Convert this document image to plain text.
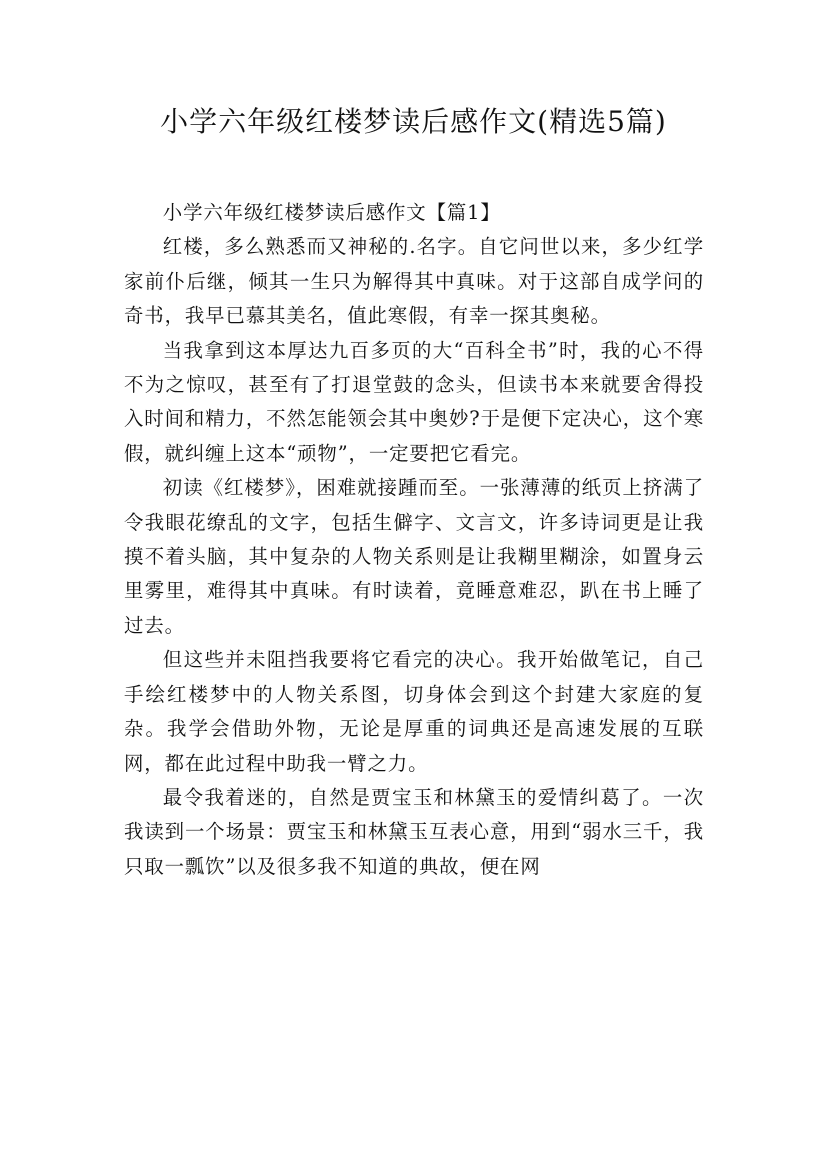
小学六年级红楼梦读后感作文(精选5篇)

小学六年级红楼梦读后感作文【篇1】

红楼，多么熟悉而又神秘的.名字。自它问世以来，多少红学家前仆后继，倾其一生只为解得其中真味。对于这部自成学问的奇书，我早已慕其美名，值此寒假，有幸一探其奥秘。

当我拿到这本厚达九百多页的大“百科全书”时，我的心不得不为之惊叹，甚至有了打退堂鼓的念头，但读书本来就要舍得投入时间和精力，不然怎能领会其中奥妙?于是便下定决心，这个寒假，就纠缠上这本“顽物”，一定要把它看完。

初读《红楼梦》，困难就接踵而至。一张薄薄的纸页上挤满了令我眼花缭乱的文字，包括生僻字、文言文，许多诗词更是让我摸不着头脑，其中复杂的人物关系则是让我糊里糊涂，如置身云里雾里，难得其中真味。有时读着，竟睡意难忍，趴在书上睡了过去。

但这些并未阻挡我要将它看完的决心。我开始做笔记，自己手绘红楼梦中的人物关系图，切身体会到这个封建大家庭的复杂。我学会借助外物，无论是厚重的词典还是高速发展的互联网，都在此过程中助我一臂之力。

最令我着迷的，自然是贾宝玉和林黛玉的爱情纠葛了。一次我读到一个场景：贾宝玉和林黛玉互表心意，用到“弱水三千，我只取一瓢饮”以及很多我不知道的典故，便在网
